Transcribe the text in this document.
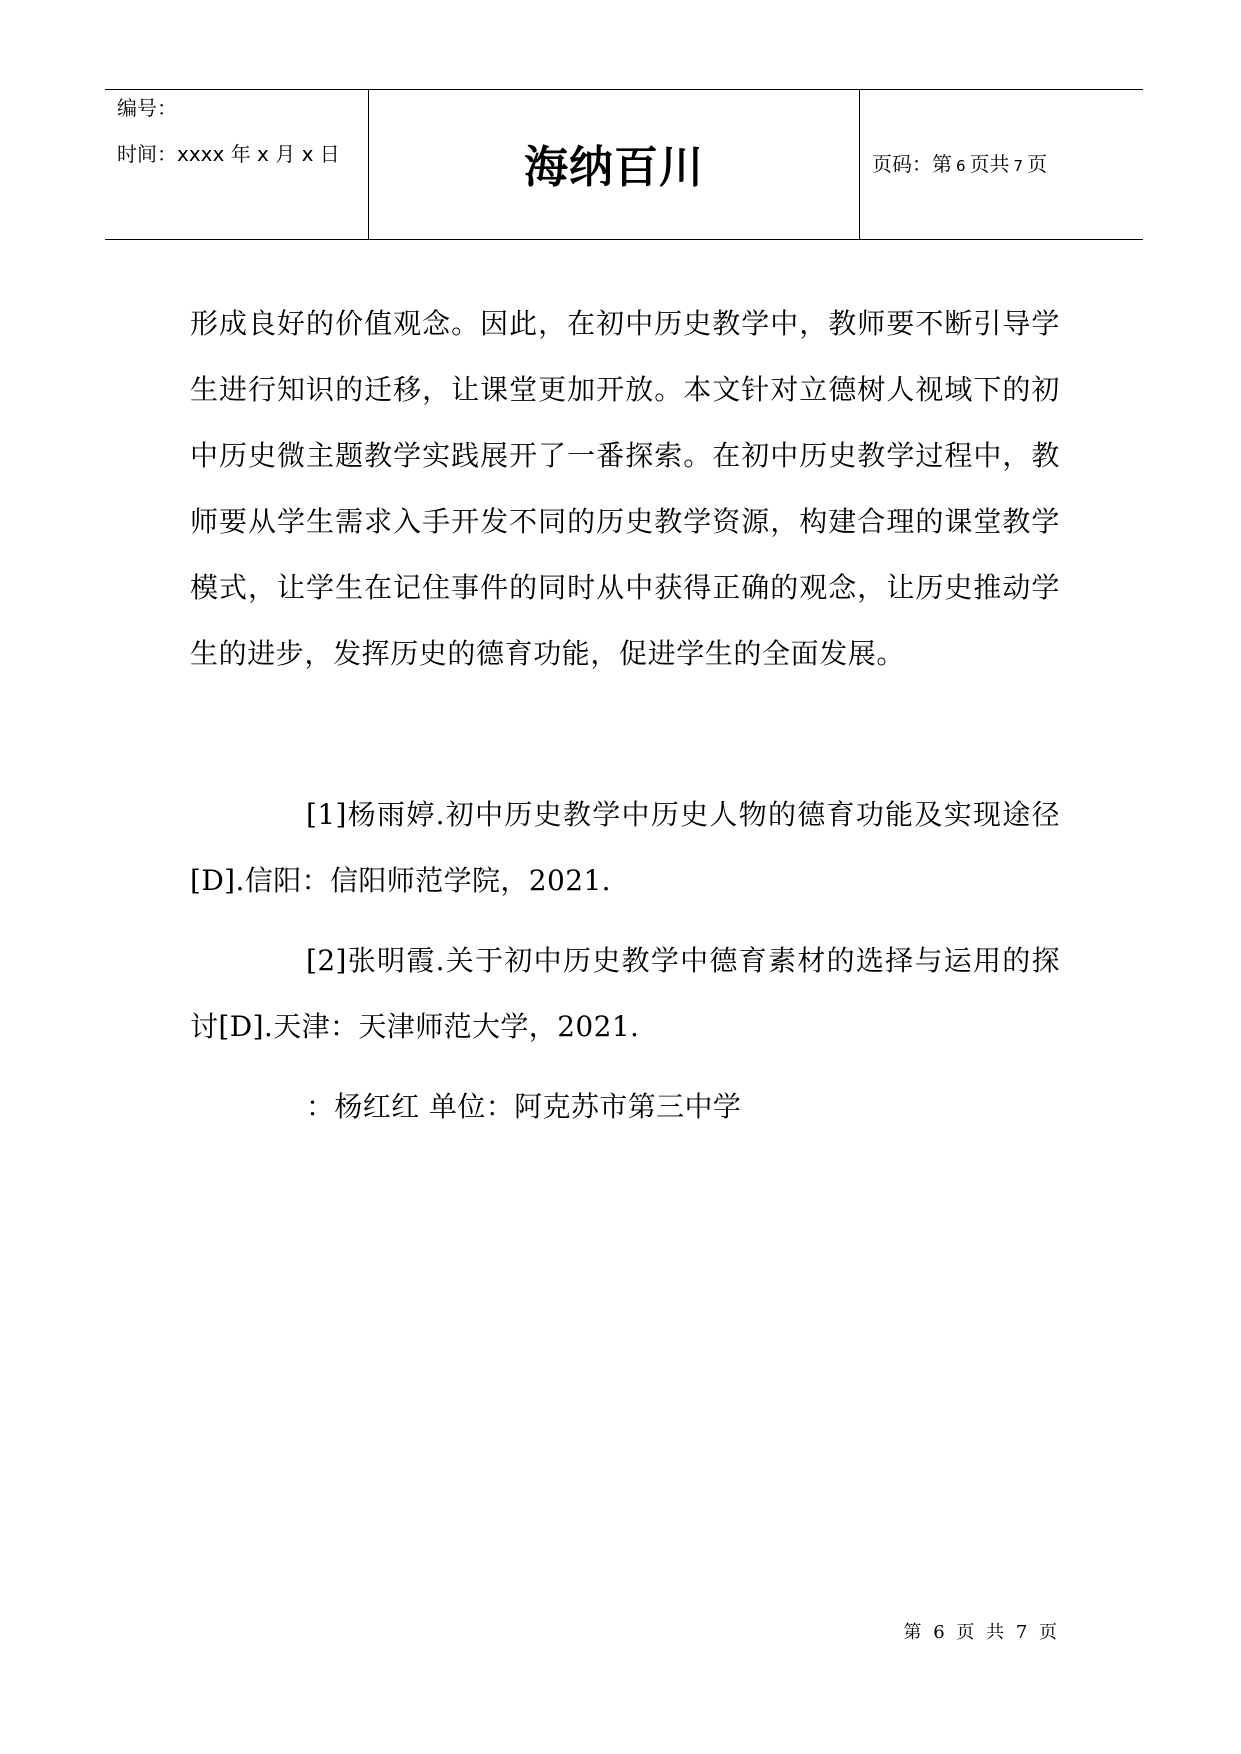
编号：
时间：xxxx 年 x 月 x 日	海纳百川	页码：第 6 页共 7 页

形成良好的价值观念。因此，在初中历史教学中，教师要不断引导学生进行知识的迁移，让课堂更加开放。本文针对立德树人视域下的初中历史微主题教学实践展开了一番探索。在初中历史教学过程中，教师要从学生需求入手开发不同的历史教学资源，构建合理的课堂教学模式，让学生在记住事件的同时从中获得正确的观念，让历史推动学生的进步，发挥历史的德育功能，促进学生的全面发展。

[1]杨雨婷.初中历史教学中历史人物的德育功能及实现途径[D].信阳：信阳师范学院，2021.

[2]张明霞.关于初中历史教学中德育素材的选择与运用的探讨[D].天津：天津师范大学，2021.

：杨红红 单位：阿克苏市第三中学

第 6 页 共 7 页
